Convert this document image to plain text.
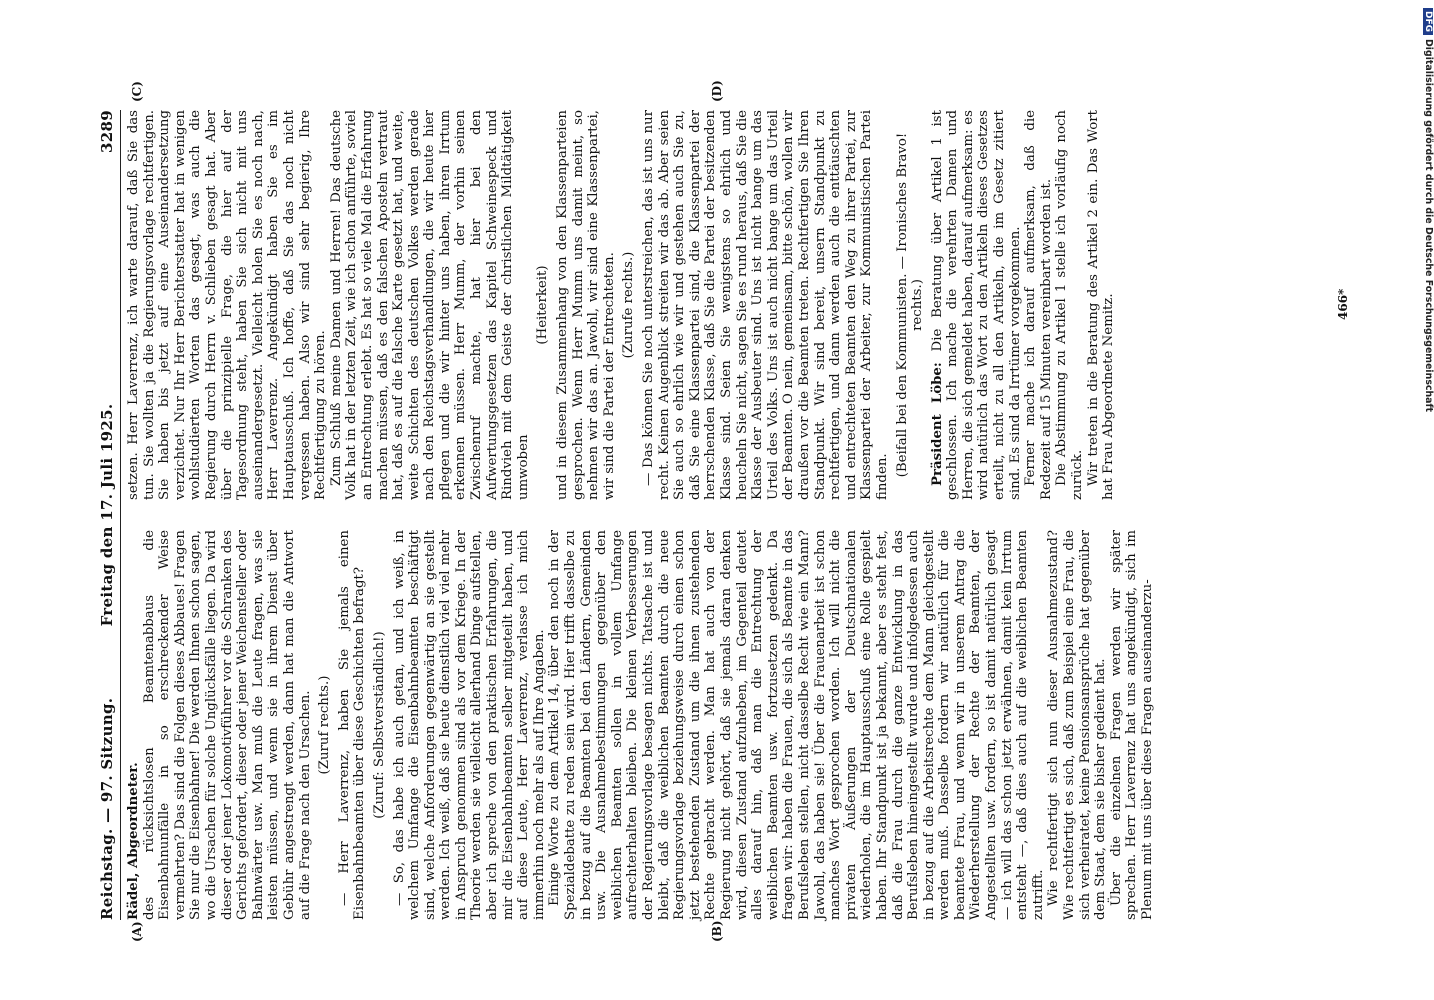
Reichstag. — 97. Sitzung.
Freitag den 17. Juli 1925.
3289

Rädel, Abgeordneter. des rücksichtslosen Beamtenabbaus die Eisenbahnunfälle in so erschreckender Weise vermehrten? Das sind die Folgen dieses Abbaues! Fragen Sie nur die Eisenbahner! Die werden Ihnen schon sagen, wo die Ursachen für solche Unglücksfälle liegen. Da wird dieser oder jener Lokomotivführer vor die Schranken des Gerichts gefordert, dieser oder jener Weichensteller oder Bahnwärter usw. Man muß die Leute fragen, was sie leisten müssen, und wenn sie in ihrem Dienst über Gebühr angestrengt werden, dann hat man die Antwort auf die Frage nach den Ursachen. (Zuruf rechts.) — Herr Laverrenz, haben Sie jemals einen Eisenbahnbeamten über diese Geschichten befragt? (Zuruf: Selbstverständlich!) — So, das habe ich auch getan, und ich weiß, in welchem Umfange die Eisenbahnbeamten beschäftigt sind, welche Anforderungen gegenwärtig an sie gestellt werden. Ich weiß, daß sie heute dienstlich viel viel mehr in Anspruch genommen sind als vor dem Kriege. In der Theorie werden sie vielleicht allerhand Dinge aufstellen, aber ich spreche von den praktischen Erfahrungen, die mir die Eisenbahnbeamten selber mitgeteilt haben, und auf diese Leute, Herr Laverrenz, verlasse ich mich immerhin noch mehr als auf Ihre Angaben. Einige Worte zu dem Artikel 14, über den noch in der Spezialdebatte zu reden sein wird. Hier trifft dasselbe zu in bezug auf die Beamten bei den Ländern, Gemeinden usw. Die Ausnahmebestimmungen gegenüber den weiblichen Beamten sollen in vollem Umfange aufrechterhalten bleiben. Die kleinen Verbesserungen der Regierungsvorlage besagen nichts. Tatsache ist und bleibt, daß die weiblichen Beamten durch die neue Regierungsvorlage beziehungsweise durch einen schon jetzt bestehenden Zustand um die ihnen zustehenden Rechte gebracht werden. Man hat auch von der Regierung nicht gehört, daß sie jemals daran denken wird, diesen Zustand aufzuheben, im Gegenteil deutet alles darauf hin, daß man die Entrechtung der weiblichen Beamten usw. fortzusetzen gedenkt. Da fragen wir: haben die Frauen, die sich als Beamte in das Berufsleben stellen, nicht dasselbe Recht wie ein Mann? Jawohl, das haben sie! Über die Frauenarbeit ist schon manches Wort gesprochen worden. Ich will nicht die privaten Äußerungen der Deutschnationalen wiederholen, die im Hauptausschuß eine Rolle gespielt haben. Ihr Standpunkt ist ja bekannt, aber es steht fest, daß die Frau durch die ganze Entwicklung in das Berufsleben hineingestellt wurde und infolgedessen auch in bezug auf die Arbeitsrechte dem Mann gleichgestellt werden muß. Dasselbe fordern wir natürlich für die beamtete Frau, und wenn wir in unserem Antrag die Wiederherstellung der Rechte der Beamten, der Angestellten usw. fordern, so ist damit natürlich gesagt — ich will das schon jetzt erwähnen, damit kein Irrtum entsteht —, daß dies auch auf die weiblichen Beamten zutrifft. Wie rechtfertigt sich nun dieser Ausnahmezustand? Wie rechtfertigt es sich, daß zum Beispiel eine Frau, die sich verheiratet, keine Pensionsansprüche hat gegenüber dem Staat, dem sie bisher gedient hat. Über die einzelnen Fragen werden wir später sprechen. Herr Laverrenz hat uns angekündigt, sich im Plenum mit uns über diese Fragen auseinanderzu-

setzen. Herr Laverrenz, ich warte darauf, daß Sie das tun. Sie wollten ja die Regierungsvorlage rechtfertigen. Sie haben bis jetzt auf eine Auseinandersetzung verzichtet. Nur Ihr Herr Berichterstatter hat in wenigen wohlstudierten Worten das gesagt, was auch die Regierung durch Herrn v. Schlieben gesagt hat. Aber über die prinzipielle Frage, die hier auf der Tagesordnung steht, haben Sie sich nicht mit uns auseinandergesetzt. Vielleicht holen Sie es noch nach, Herr Laverrenz. Angekündigt haben Sie es im Hauptausschuß. Ich hoffe, daß Sie das noch nicht vergessen haben. Also wir sind sehr begierig, Ihre Rechtfertigung zu hören. Zum Schluß meine Damen und Herren! Das deutsche Volk hat in der letzten Zeit, wie ich schon anführte, soviel an Entrechtung erlebt. Es hat so viele Mal die Erfahrung machen müssen, daß es den falschen Aposteln vertraut hat, daß es auf die falsche Karte gesetzt hat, und weite, weite Schichten des deutschen Volkes werden gerade nach den Reichstagsverhandlungen, die wir heute hier pflegen und die wir hinter uns haben, ihren Irrtum erkennen müssen. Herr Mumm, der vorhin seinen Zwischenruf machte, hat hier bei den Aufwertungsgesetzen das Kapitel Schweinespeck und Rindvieh mit dem Geiste der christlichen Mildtätigkeit umwoben

(Heiterkeit) und in diesem Zusammenhang von den Klassenparteien gesprochen. Wenn Herr Mumm uns damit meint, so nehmen wir das an. Jawohl, wir sind eine Klassenpartei, wir sind die Partei der Entrechteten. (Zurufe rechts.) — Das können Sie noch unterstreichen, das ist uns nur recht. Keinen Augenblick streiten wir das ab. Aber seien Sie auch so ehrlich wie wir und gestehen auch Sie zu, daß Sie eine Klassenpartei sind, die Klassenpartei der herrschenden Klasse, daß Sie die Partei der besitzenden Klasse sind. Seien Sie wenigstens so ehrlich und heucheln Sie nicht, sagen Sie es rund heraus, daß Sie die Klasse der Ausbeuter sind. Uns ist nicht bange um das Urteil des Volks. Uns ist auch nicht bange um das Urteil der Beamten. O nein, gemeinsam, bitte schön, wollen wir draußen vor die Beamten treten. Rechtfertigen Sie Ihren Standpunkt. Wir sind bereit, unsern Standpunkt zu rechtfertigen, und dann werden auch die enttäuschten und entrechteten Beamten den Weg zu ihrer Partei, zur Klassenpartei der Arbeiter, zur Kommunistischen Partei finden. (Beifall bei den Kommunisten. — Ironisches Bravo! rechts.)

Präsident Löbe: Die Beratung über Artikel 1 ist geschlossen. Ich mache die verehrten Damen und Herren, die sich gemeldet haben, darauf aufmerksam: es wird natürlich das Wort zu den Artikeln dieses Gesetzes erteilt, nicht zu all den Artikeln, die im Gesetz zitiert sind. Es sind da Irrtümer vorgekommen. Ferner mache ich darauf aufmerksam, daß die Redezeit auf 15 Minuten vereinbart worden ist. Die Abstimmung zu Artikel 1 stelle ich vorläufig noch zurück. Wir treten in die Beratung des Artikel 2 ein. Das Wort hat Frau Abgeordnete Nemitz.

(A)	(B)
(C)	(D)
466*
DFGDigitalisierung gefördert durch die Deutsche Forschungsgemeinschaft
